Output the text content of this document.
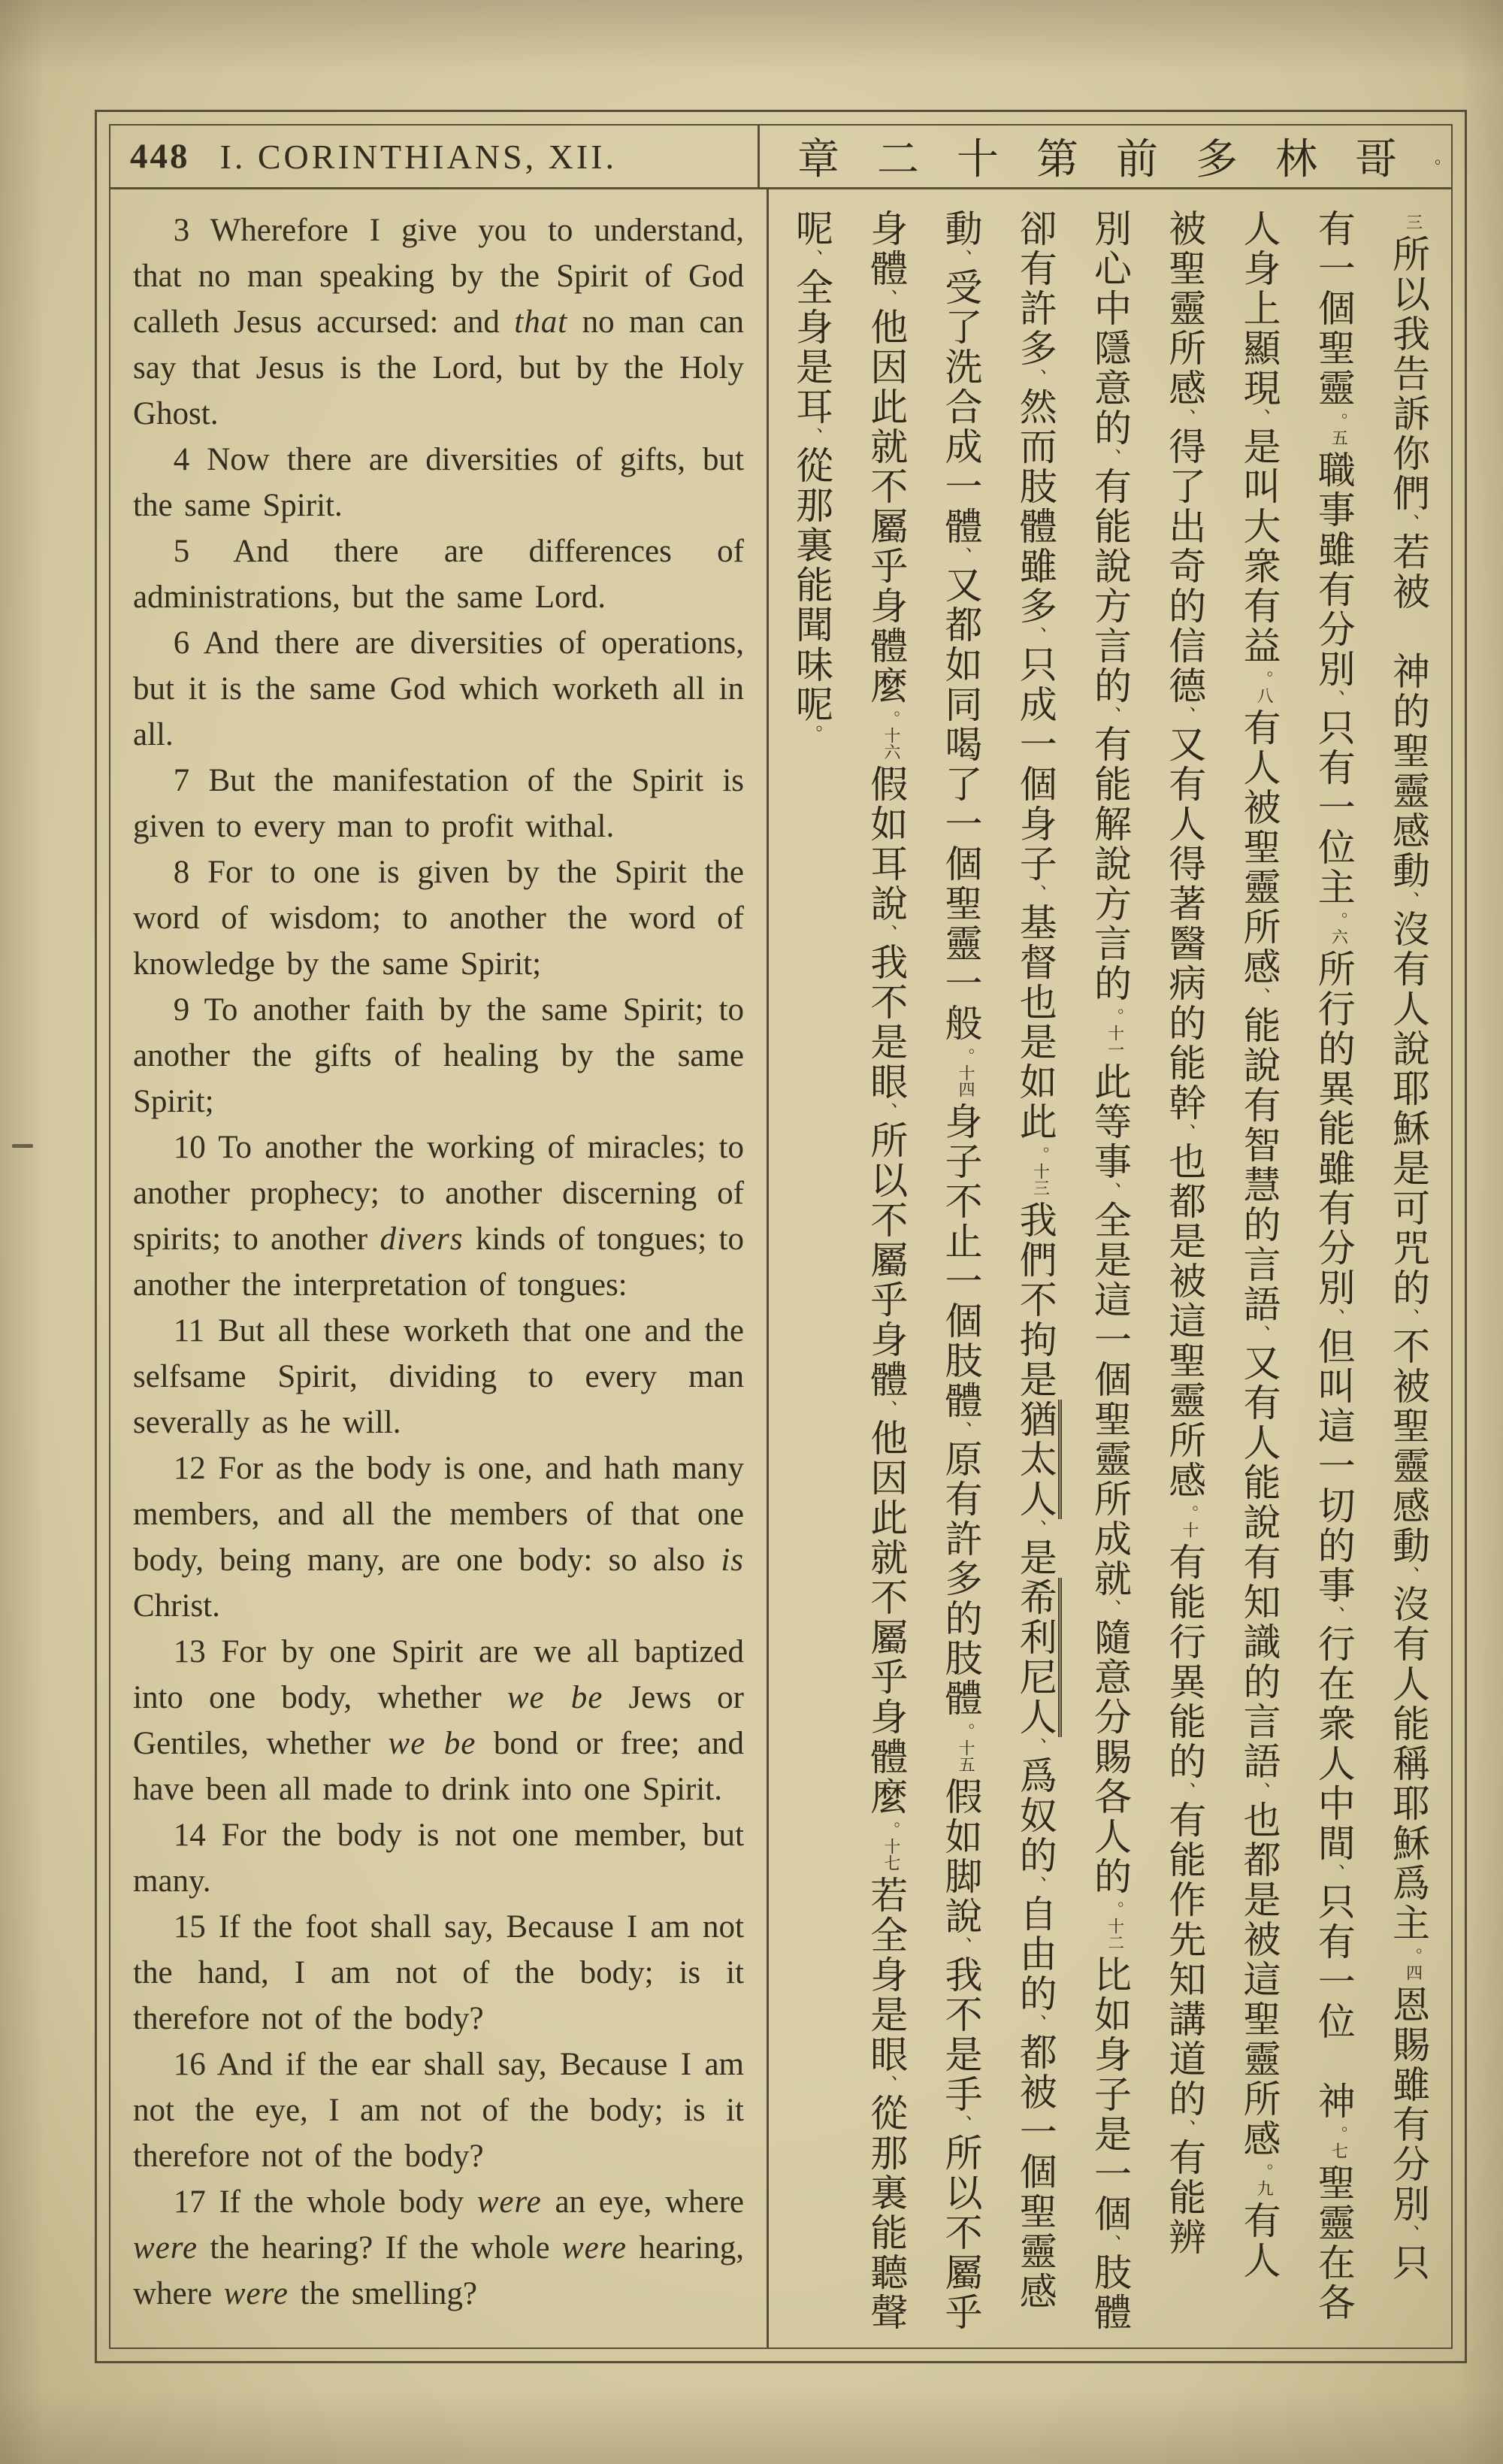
448 I. CORINTHIANS, XII.	章二十第前多林哥 。

3 Wherefore I give you to understand, that no man speaking by the Spirit of God calleth Jesus accursed: and that no man can say that Jesus is the Lord, but by the Holy Ghost.

4 Now there are diversities of gifts, but the same Spirit.

5 And there are differences of administrations, but the same Lord.

6 And there are diversities of operations, but it is the same God which worketh all in all.

7 But the manifestation of the Spirit is given to every man to profit withal.

8 For to one is given by the Spirit the word of wisdom; to another the word of knowledge by the same Spirit;

9 To another faith by the same Spirit; to another the gifts of healing by the same Spirit;

10 To another the working of miracles; to another prophecy; to another discerning of spirits; to another divers kinds of tongues; to another the interpretation of tongues:

11 But all these worketh that one and the selfsame Spirit, dividing to every man severally as he will.

12 For as the body is one, and hath many members, and all the members of that one body, being many, are one body: so also is Christ.

13 For by one Spirit are we all baptized into one body, whether we be Jews or Gentiles, whether we be bond or free; and have been all made to drink into one Spirit.

14 For the body is not one member, but many.

15 If the foot shall say, Because I am not the hand, I am not of the body; is it therefore not of the body?

16 And if the ear shall say, Because I am not the eye, I am not of the body; is it therefore not of the body?

17 If the whole body were an eye, where were the hearing? If the whole were hearing, where were the smelling?

三所以我告訴你們、若被　神的聖靈感動、沒有人說耶穌是可咒的、不被聖靈感動、沒有人能稱耶穌爲主。四恩賜雖有分別、只
有一個聖靈。五職事雖有分別、只有一位主。六所行的異能雖有分別、但叫這一切的事、行在衆人中間、只有一位　神。七聖靈在各
人身上顯現、是叫大衆有益。八有人被聖靈所感、能說有智慧的言語、又有人能說有知識的言語、也都是被這聖靈所感。九有人
被聖靈所感、得了出奇的信德、又有人得著醫病的能幹、也都是被這聖靈所感。十有能行異能的、有能作先知講道的、有能辨
別心中隱意的、有能說方言的、有能解說方言的。十一此等事、全是這一個聖靈所成就、隨意分賜各人的。十二比如身子是一個、肢體
卻有許多、然而肢體雖多、只成一個身子、基督也是如此。十三我們不拘是猶太人、是希利尼人、爲奴的、自由的、都被一個聖靈感
動、受了洗合成一體、又都如同喝了一個聖靈一般。十四身子不止一個肢體、原有許多的肢體。十五假如脚說、我不是手、所以不屬乎
身體、他因此就不屬乎身體麼。十六假如耳說、我不是眼、所以不屬乎身體、他因此就不屬乎身體麼。十七若全身是眼、從那裏能聽聲
呢、全身是耳、從那裏能聞味呢。
